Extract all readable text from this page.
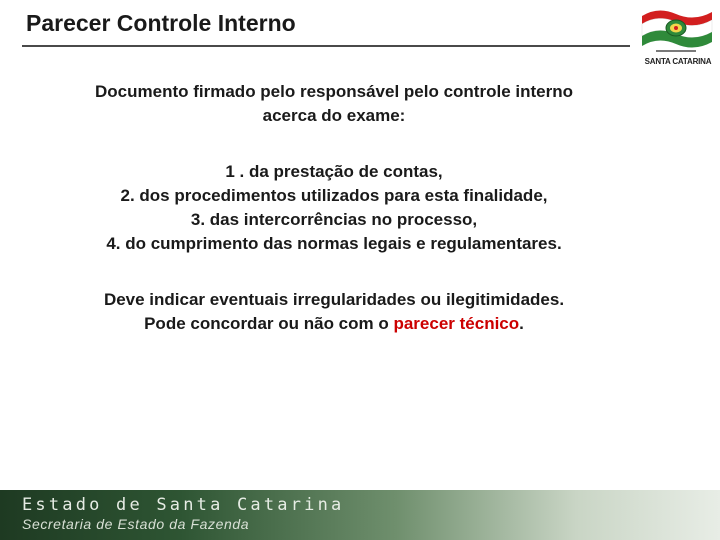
Parecer Controle Interno
SANTA CATARINA

Documento firmado pelo responsável pelo controle interno
acerca do exame:

1 . da prestação de contas,
2. dos procedimentos utilizados para esta finalidade,
3. das intercorrências no processo,
4. do cumprimento das normas legais e regulamentares.

Deve indicar eventuais irregularidades ou ilegitimidades.

Pode concordar ou não com o parecer técnico.

Estado de Santa Catarina
Secretaria de Estado da Fazenda
